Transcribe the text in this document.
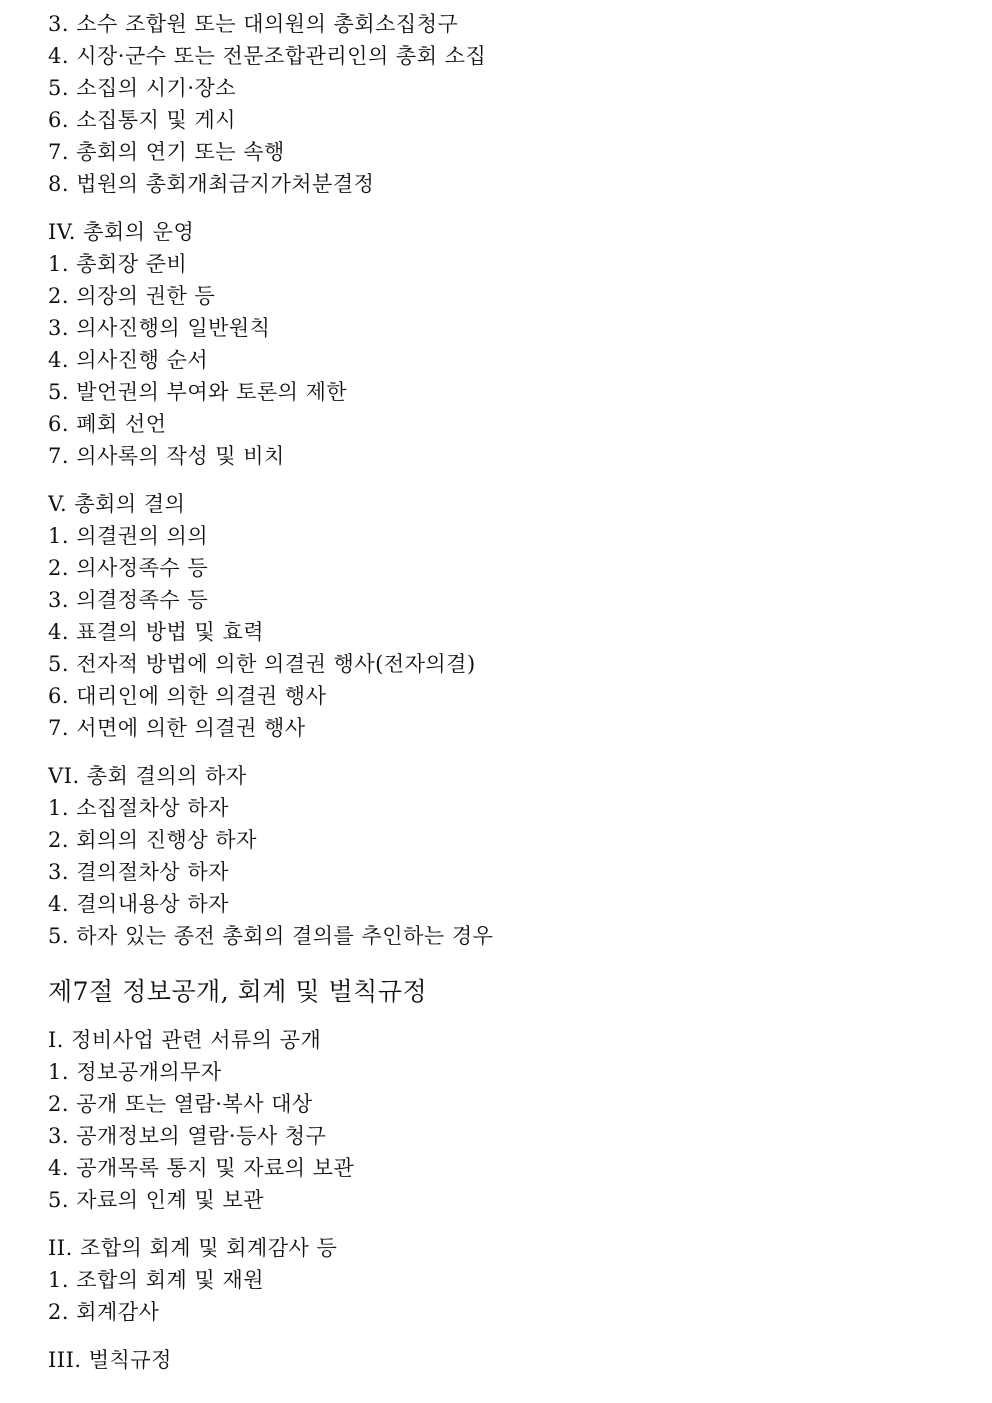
3. 소수 조합원 또는 대의원의 총회소집청구
4. 시장·군수 또는 전문조합관리인의 총회 소집
5. 소집의 시기·장소
6. 소집통지 및 게시
7. 총회의 연기 또는 속행
8. 법원의 총회개최금지가처분결정
IV. 총회의 운영
1. 총회장 준비
2. 의장의 권한 등
3. 의사진행의 일반원칙
4. 의사진행 순서
5. 발언권의 부여와 토론의 제한
6. 폐회 선언
7. 의사록의 작성 및 비치
V. 총회의 결의
1. 의결권의 의의
2. 의사정족수 등
3. 의결정족수 등
4. 표결의 방법 및 효력
5. 전자적 방법에 의한 의결권 행사(전자의결)
6. 대리인에 의한 의결권 행사
7. 서면에 의한 의결권 행사
VI. 총회 결의의 하자
1. 소집절차상 하자
2. 회의의 진행상 하자
3. 결의절차상 하자
4. 결의내용상 하자
5. 하자 있는 종전 총회의 결의를 추인하는 경우
제7절 정보공개, 회계 및 벌칙규정
I. 정비사업 관련 서류의 공개
1. 정보공개의무자
2. 공개 또는 열람·복사 대상
3. 공개정보의 열람·등사 청구
4. 공개목록 통지 및 자료의 보관
5. 자료의 인계 및 보관
II. 조합의 회계 및 회계감사 등
1. 조합의 회계 및 재원
2. 회계감사
III. 벌칙규정
